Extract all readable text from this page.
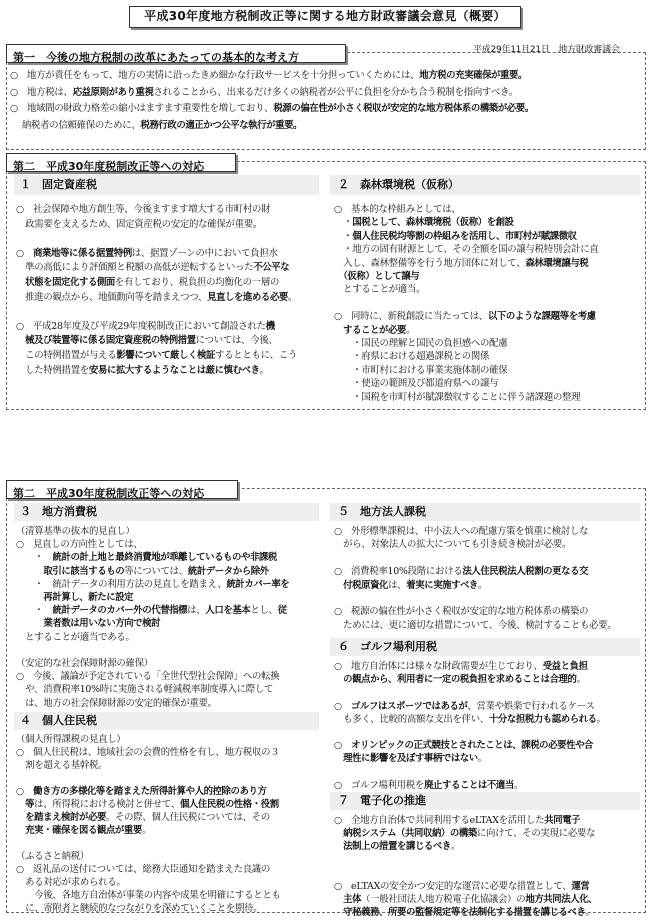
平成30年度地方税制改正等に関する地方財政審議会意見（概要）
第一　今後の地方税制の改革にあたっての基本的な考え方
平成29年11月21日　地方財政審議会
○　地方が責任をもって、地方の実情に沿ったきめ細かな行政サービスを十分担っていくためには、地方税の充実確保が重要。
○　地方税は、応益原則があり重視されることから、出来るだけ多くの納税者が公平に負担を分かち合う税制を指向すべき。
○　地域間の財政力格差の縮小はますます重要性を増しており、税源の偏在性が小さく税収が安定的な地方税体系の構築が必要。
　 納税者の信頼確保のために、税務行政の適正かつ公平な執行が重要。
第二　平成30年度税制改正等への対応
１　固定資産税	２　森林環境税（仮称）
○　社会保障や地方創生等、今後ますます増大する市町村の財
　政需要を支えるため、固定資産税の安定的な確保が重要。
○　商業地等に係る据置特例は、据置ゾーンの中において負担水
　準の高低により評価額と税額の高低が逆転するといった不公平な
　状態を固定化する側面を有しており、税負担の均衡化の一層の
　推進の観点から、地価動向等を踏まえつつ、見直しを進める必要。
○　平成28年度及び平成29年度税制改正において創設された機
　械及び装置等に係る固定資産税の特例措置については、今後、
　この特例措置が与える影響について厳しく検証するとともに、こう
　した特例措置を安易に拡大するようなことは厳に慎むべき。
○　基本的な枠組みとしては、
　・国税として、森林環境税（仮称）を創設
　・個人住民税均等割の枠組みを活用し、市町村が賦課徴収
　・地方の固有財源として、その全額を国の譲与税特別会計に直
　入し、森林整備等を行う地方団体に対して、森林環境譲与税
　（仮称）として譲与
　とすることが適当。
○　同時に、新税創設に当たっては、以下のような課題等を考慮
　することが必要。
　　・国民の理解と国民の負担感への配慮
　　・府県における超過課税との関係
　　・市町村における事業実施体制の確保
　　・使途の範囲及び都道府県への譲与
　　・国税を市町村が賦課徴収することに伴う諸課題の整理
第二　平成30年度税制改正等への対応
３　地方消費税
４　個人住民税
５　地方法人課税
６　ゴルフ場利用税
７　電子化の推進
（清算基準の抜本的見直し）
○　見直しの方向性としては、
　　・　統計の計上地と最終消費地が乖離しているものや非課税
　　　取引に該当するもの等については、統計データから除外
　　・　統計データの利用方法の見直しを踏まえ、統計カバー率を
　　　再計算し、新たに設定
　　・　統計データのカバー外の代替指標は、人口を基本とし、従
　　　業者数は用いない方向で検討
　とすることが適当である。
（安定的な社会保障財源の確保）
○　今後、議論が予定されている「全世代型社会保障」への転換
　や、消費税率10%時に実施される軽減税率制度導入に際して
　は、地方の社会保障財源の安定的確保が重要。
（個人所得課税の見直し）
○　個人住民税は、地域社会の会費的性格を有し、地方税収の３
　割を超える基幹税。
○　働き方の多様化等を踏まえた所得計算や人的控除のあり方
　等は、所得税における検討と併せて、個人住民税の性格・役割
　を踏まえ検討が必要。その際、個人住民税については、その
　充実・確保を図る観点が重要。
（ふるさと納税）
○　返礼品の送付については、総務大臣通知を踏まえた良識の
　ある対応が求められる。
　　今後、各地方自治体が事業の内容や成果を明確にするととも
　に、寄附者と継続的なつながりを深めていくことを期待。
○　外形標準課税は、中小法人への配慮方策を慎重に検討しな
　がら、対象法人の拡大についても引き続き検討が必要。
○　消費税率10%段階における法人住民税法人税割の更なる交
　付税原資化は、着実に実施すべき。
○　税源の偏在性が小さく税収が安定的な地方税体系の構築の
　ためには、更に適切な措置について、今後、検討することも必要。
○　地方自治体には様々な財政需要が生じており、受益と負担
　の観点から、利用者に一定の税負担を求めることは合理的。
○　ゴルフはスポーツではあるが、営業や娯楽で行われるケース
　も多く、比較的高額な支出を伴い、十分な担税力も認められる。
○　オリンピックの正式競技とされたことは、課税の必要性や合
　理性に影響を及ぼす事柄ではない。
○　ゴルフ場利用税を廃止することは不適当。
○　全地方自治体で共同利用するeLTAXを活用した共同電子
　納税システム（共同収納）の構築に向けて、その実現に必要な
　法制上の措置を講じるべき。
○　eLTAXの安全かつ安定的な運営に必要な措置として、運営
　主体（一般社団法人地方税電子化協議会）の地方共同法人化、
　守秘義務、所要の監督規定等を法制化する措置を講じるべき。
